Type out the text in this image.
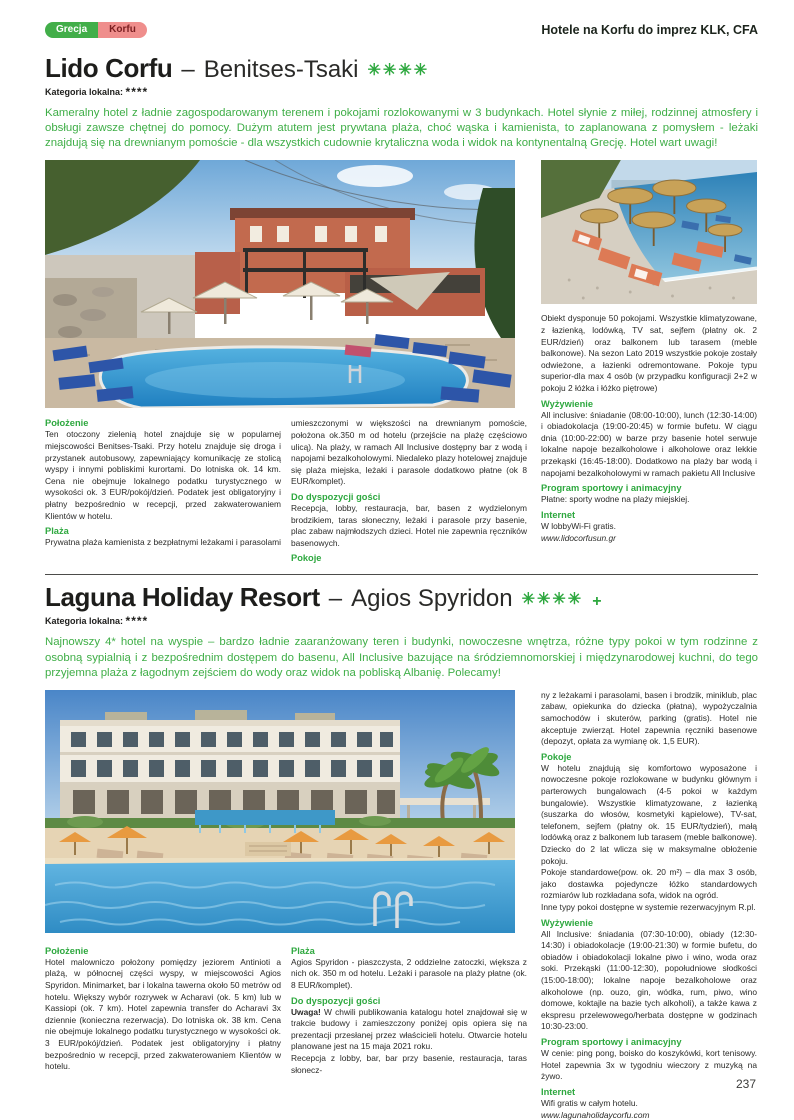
Grecja	Korfu	Hotele na Korfu do imprez KLK, CFA
Lido Corfu – Benitses-Tsaki ✳✳✳✳
Kategoria lokalna: ****

Kameralny hotel z ładnie zagospodarowanym terenem i pokojami rozlokowanymi w 3 budynkach. Hotel słynie z miłej, rodzinnej atmosfery i obsługi zawsze chętnej do pomocy. Dużym atutem jest prywtana plaża, choć wąska i kamienista, to zaplanowana z pomysłem - leżaki znajdują się na drewnianym pomoście - dla wszystkich cudownie krytaliczna woda i widok na kontynentalną Grecję. Hotel wart uwagi!

Położenie

Ten otoczony zielenią hotel znajduje się w popularnej miejscowości Benitses-Tsaki. Przy hotelu znajduje się droga i przystanek autobusowy, zapewniający komunikację ze stolicą wyspy i innymi pobliskimi kurortami. Do lotniska ok. 14 km. Cena nie obejmuje lokalnego podatku turystycznego w wysokości ok. 3 EUR/pokój/dzień. Podatek jest obligatoryjny i płatny bezpośrednio w recepcji, przed zakwaterowaniem Klientów w hotelu.

Plaża

Prywatna plaża kamienista z bezpłatnymi leżakami i parasolami

umieszczonymi w większości na drewnianym pomoście, położona ok.350 m od hotelu (przejście na plażę częściowo ulicą). Na plaży, w ramach All Inclusive dostępny bar z wodą i napojami bezalkoholowymi. Niedaleko plazy hotelowej znajduje się plaża miejska, leżaki i parasole dodatkowo płatne (ok 8 EUR/komplet).

Do dyspozycji gości

Recepcja, lobby, restauracja, bar, basen z wydzielonym brodzikiem, taras słoneczny, leżaki i parasole przy basenie, plac zabaw najmłodszych dzieci. Hotel nie zapewnia ręczników basenowych.

Pokoje

Obiekt dysponuje 50 pokojami. Wszystkie klimatyzowane, z łazienką, lodówką, TV sat, sejfem (płatny ok. 2 EUR/dzień) oraz balkonem lub tarasem (meble balkonowe). Na sezon Lato 2019 wszystkie pokoje zostały odwieżone, a łazienki odremontowane. Pokoje typu superior-dla max 4 osób (w przypadku konfiguracji 2+2 w pokoju 2 łóżka i łóżko piętrowe)

Wyżywienie

All inclusive: śniadanie (08:00-10:00), lunch (12:30-14:00) i obiadokolacja (19:00-20:45) w formie bufetu. W ciągu dnia (10:00-22:00) w barze przy basenie hotel serwuje lokalne napoje bezalkoholowe i alkoholowe oraz lekkie przekąski (16:45-18:00). Dodatkowo na plaży bar wodą i napojami bezalkoholowymi w ramach pakietu All Inclusive

Program sportowy i animacyjny

Płatne: sporty wodne na plaży miejskiej.

Internet

W lobbyWi-Fi gratis.

www.lidocorfusun.gr

Laguna Holiday Resort – Agios Spyridon ✳✳✳✳ +
Kategoria lokalna: ****

Najnowszy 4* hotel na wyspie – bardzo ładnie zaaranżowany teren i budynki, nowoczesne wnętrza, różne typy pokoi w tym rodzinne z osobną sypialnią i z bezpośrednim dostępem do basenu, All Inclusive bazujące na śródziemnomorskiej i międzynarodowej kuchni, do tego przyjemna plaża z łagodnym zejściem do wody oraz widok na pobliską Albanię. Polecamy!

Położenie

Hotel malowniczo położony pomiędzy jeziorem Antinioti a plażą, w północnej części wyspy, w miejscowości Agios Spyridon. Minimarket, bar i lokalna tawerna około 50 metrów od hotelu. Większy wybór rozrywek w Acharavi (ok. 5 km) lub w Kassiopi (ok. 7 km). Hotel zapewnia transfer do Acharavi 3x dziennie (konieczna rezerwacja). Do lotniska ok. 38 km. Cena nie obejmuje lokalnego podatku turystycznego w wysokości ok. 3 EUR/pokój/dzień. Podatek jest obligatoryjny i płatny bezpośrednio w recepcji, przed zakwaterowaniem Klientów w hotelu.

Plaża

Agios Spyridon - piaszczysta, 2 oddzielne zatoczki, większa z nich ok. 350 m od hotelu. Leżaki i parasole na plaży płatne (ok. 8 EUR/komplet).

Do dyspozycji gości

Uwaga! W chwili publikowania katalogu hotel znajdował się w trakcie budowy i zamieszczony poniżej opis opiera się na prezentacji przesłanej przez właścicieli hotelu. Otwarcie hotelu planowane jest na 15 maja 2021 roku.

Recepcja z lobby, bar, bar przy basenie, restauracja, taras słonecz-

ny z leżakami i parasolami, basen i brodzik, miniklub, plac zabaw, opiekunka do dziecka (płatna), wypożyczalnia samochodów i skuterów, parking (gratis). Hotel nie akceptuje zwierząt. Hotel zapewnia ręczniki basenowe (depozyt, opłata za wymianę ok. 1,5 EUR).

Pokoje

W hotelu znajdują się komfortowo wyposażone i nowoczesne pokoje rozlokowane w budynku głównym i parterowych bungalowach (4-5 pokoi w każdym bungalowie). Wszystkie klimatyzowane, z łazienką (suszarka do włosów, kosmetyki kąpielowe), TV-sat, telefonem, sejfem (płatny ok. 15 EUR/tydzień), małą lodówką oraz z balkonem lub tarasem (meble balkonowe). Dziecko do 2 lat wlicza się w maksymalne obłożenie pokoju.

Pokoje standardowe(pow. ok. 20 m²) – dla max 3 osób, jako dostawka pojedyncze łóżko standardowych rozmiarów lub rozkładana sofa, widok na ogród.

Inne typy pokoi dostępne w systemie rezerwacyjnym R.pl.

Wyżywienie

All Inclusive: śniadania (07:30-10:00), obiady (12:30-14:30) i obiadokolacje (19:00-21:30) w formie bufetu, do obiadów i obiadokolacji lokalne piwo i wino, woda oraz soki. Przekąski (11:00-12:30), popołudniowe słodkości (15:00-18:00); lokalne napoje bezalkoholowe oraz alkoholowe (np. ouzo, gin, wódka, rum, piwo, wino domowe, koktajle na bazie tych alkoholi), a także kawa z ekspresu przelewowego/herbata dostępne w godzinach 10:30-23:00.

Program sportowy i animacyjny

W cenie: ping pong, boisko do koszykówki, kort tenisowy. Hotel zapewnia 3x w tygodniu wieczory z muzyką na żywo.

Internet

Wifi gratis w całym hotelu.

www.lagunaholidaycorfu.com

237
